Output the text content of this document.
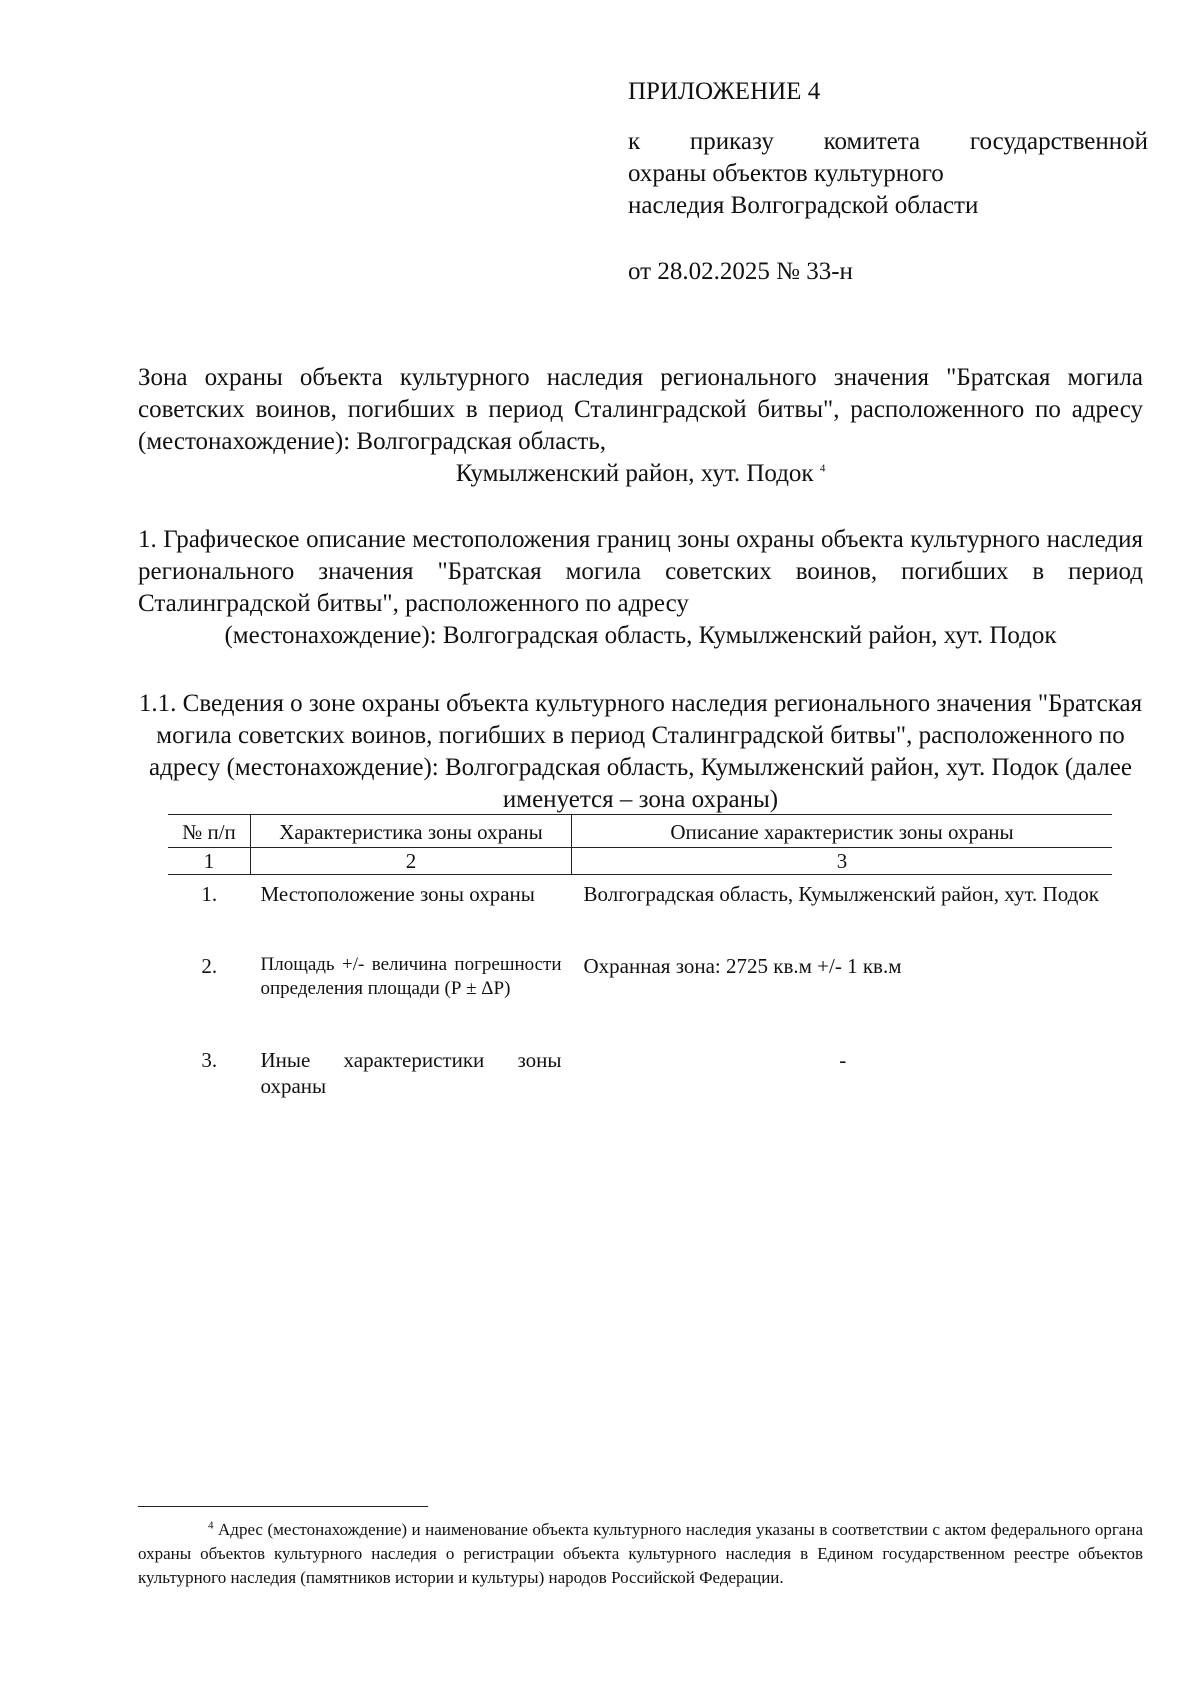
ПРИЛОЖЕНИЕ 4
к приказу комитета государственной
охраны объектов культурного
наследия Волгоградской области
от 28.02.2025 № 33-н
Зона охраны объекта культурного наследия регионального значения "Братская могила советских воинов, погибших в период Сталинградской битвы", расположенного по адресу (местонахождение): Волгоградская область,
Кумылженский район, хут. Подок $^4$
1. Графическое описание местоположения границ зоны охраны объекта культурного наследия регионального значения "Братская могила советских воинов, погибших в период Сталинградской битвы", расположенного по адресу
(местонахождение): Волгоградская область, Кумылженский район, хут. Подок
1.1. Сведения о зоне охраны объекта культурного наследия регионального значения "Братская могила советских воинов, погибших в период Сталинградской битвы", расположенного по адресу (местонахождение): Волгоградская область, Кумылженский район, хут. Подок (далее именуется – зона охраны)
№ п/п	Характеристика зоны охраны	Описание характеристик зоны охраны
1	2	3
1.	Местоположение зоны охраны	Волгоградская область, Кумылженский район, хут. Подок
2.	Площадь +/- величина погрешности определения площади (Р ± ΔР)	Охранная зона: 2725 кв.м +/- 1 кв.м
3.	Иные характеристики зоны охраны	-
$^4$ Адрес (местонахождение) и наименование объекта культурного наследия указаны в соответствии с актом федерального органа охраны объектов культурного наследия о регистрации объекта культурного наследия в Едином государственном реестре объектов культурного наследия (памятников истории и культуры) народов Российской Федерации.
